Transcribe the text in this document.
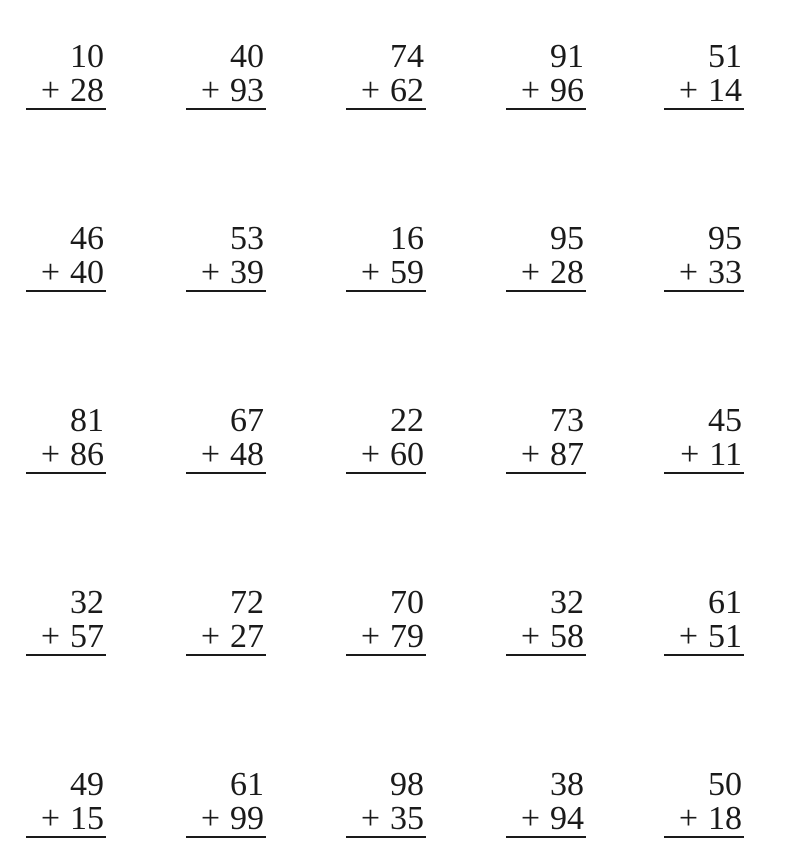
10
+ 28
40
+ 93
74
+ 62
91
+ 96
51
+ 14
46
+ 40
53
+ 39
16
+ 59
95
+ 28
95
+ 33
81
+ 86
67
+ 48
22
+ 60
73
+ 87
45
+ 11
32
+ 57
72
+ 27
70
+ 79
32
+ 58
61
+ 51
49
+ 15
61
+ 99
98
+ 35
38
+ 94
50
+ 18
